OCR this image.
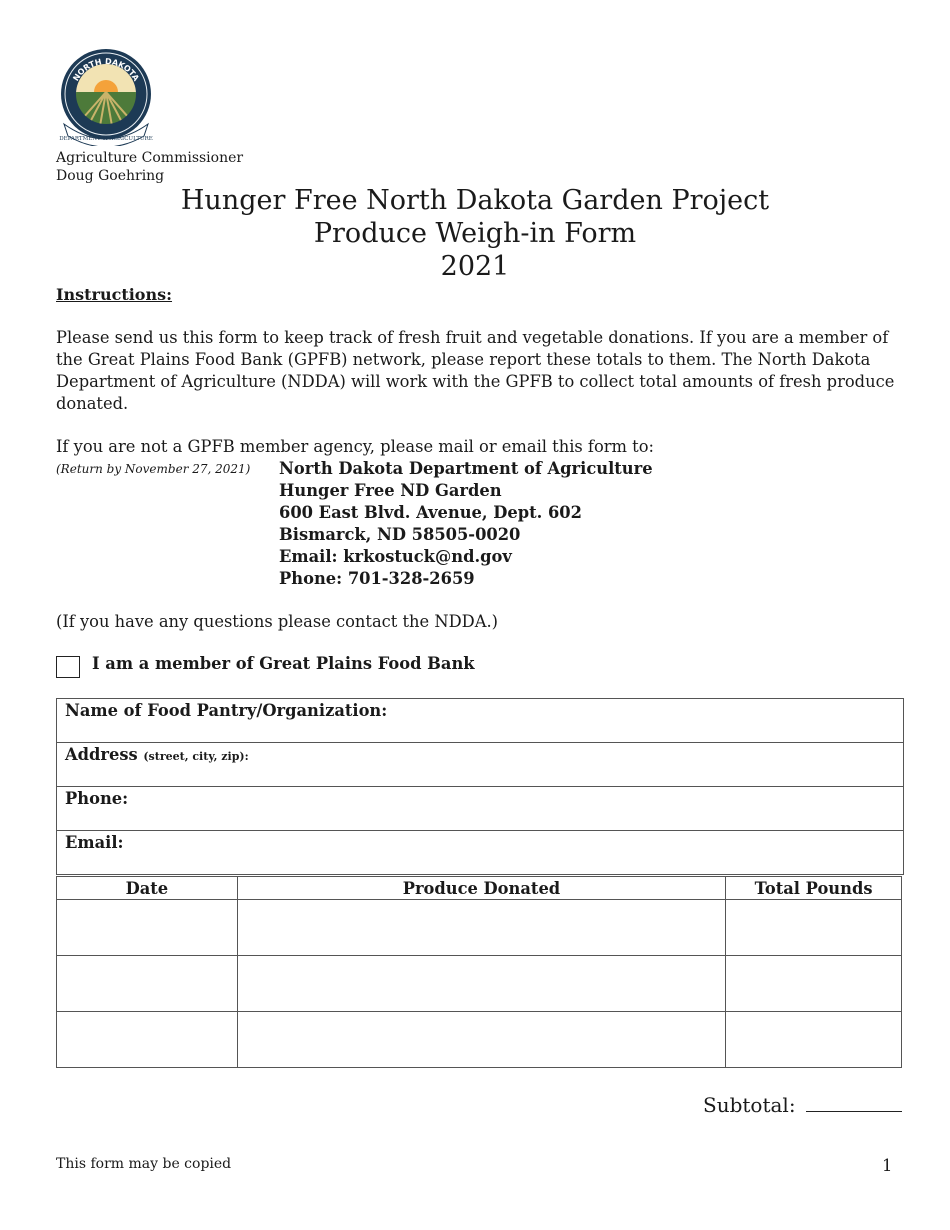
NORTH DAKOTA
DEPARTMENT of AGRICULTURE
Agriculture Commissioner
Doug Goehring
Hunger Free North Dakota Garden Project
Produce Weigh-in Form
2021
Instructions:
Please send us this form to keep track of fresh fruit and vegetable donations. If you are a member of the Great Plains Food Bank (GPFB) network, please report these totals to them. The North Dakota Department of Agriculture (NDDA) will work with the GPFB to collect total amounts of fresh produce donated.
If you are not a GPFB member agency, please mail or email this form to:
(Return by November 27, 2021) North Dakota Department of Agriculture
Hunger Free ND Garden
600 East Blvd. Avenue, Dept. 602
Bismarck, ND 58505-0020
Email: krkostuck@nd.gov
Phone: 701-328-2659
(If you have any questions please contact the NDDA.)
I am a member of Great Plains Food Bank
Name of Food Pantry/Organization:
Address (street, city, zip):
Phone:
Email:
Date	Produce Donated	Total Pounds

Subtotal:
This form may be copied	1
